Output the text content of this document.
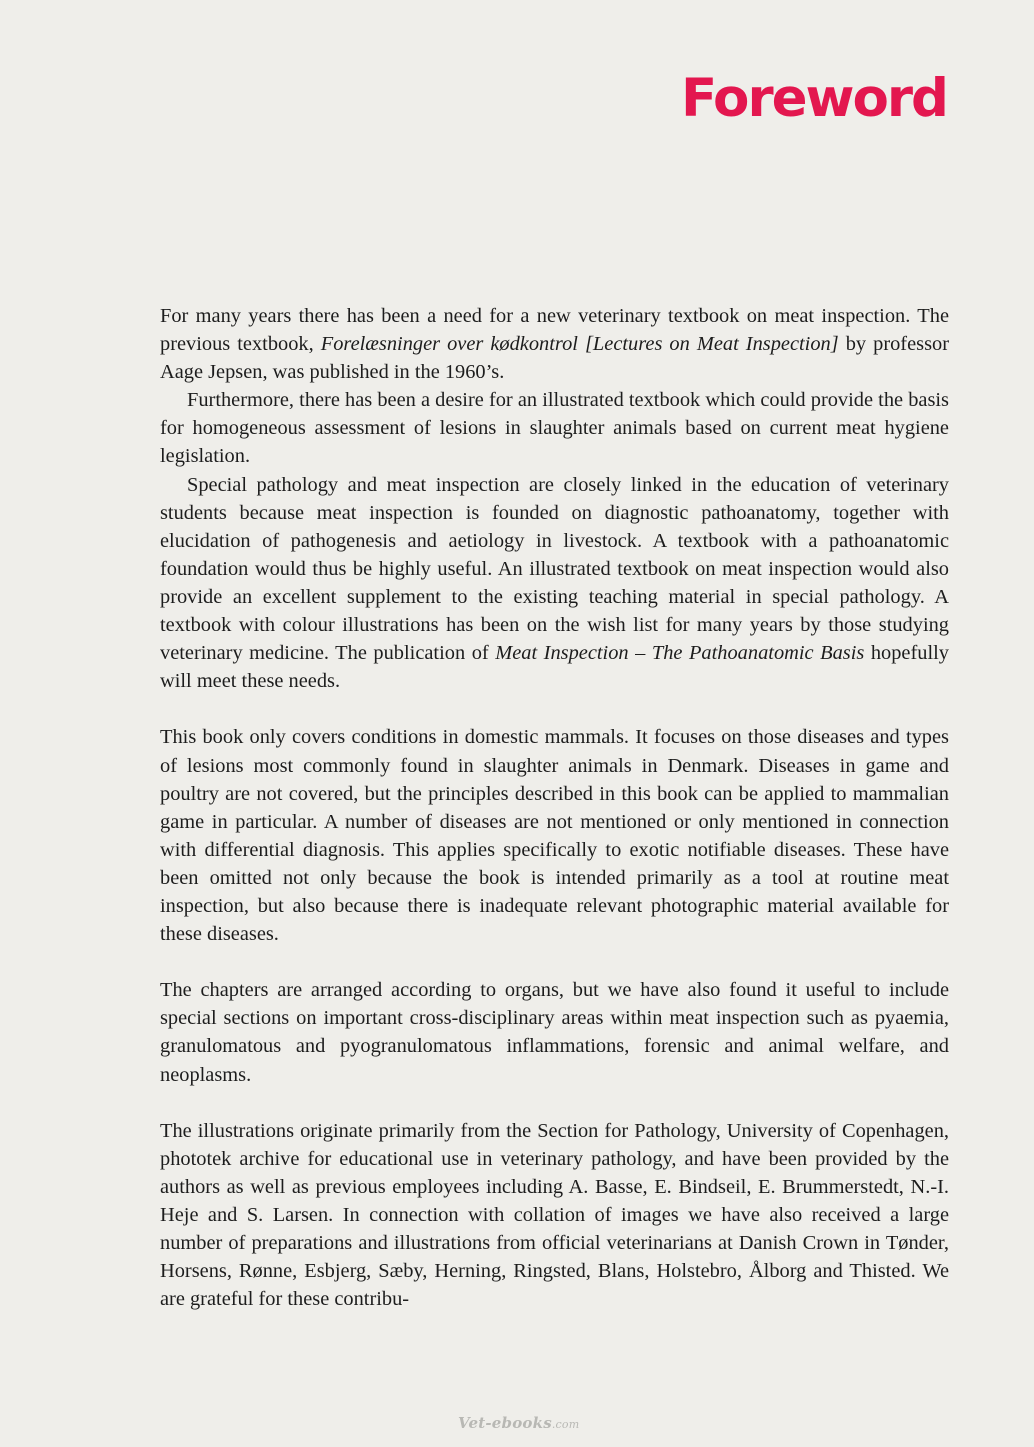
Foreword

For many years there has been a need for a new veterinary textbook on meat inspection. The previous textbook, Forelæsninger over kødkontrol [Lectures on Meat Inspection] by professor Aage Jepsen, was published in the 1960’s.

Furthermore, there has been a desire for an illustrated textbook which could provide the basis for homogeneous assessment of lesions in slaughter animals based on current meat hygiene legislation.

Special pathology and meat inspection are closely linked in the education of veterinary students because meat inspection is founded on diagnostic pathoanatomy, together with elucidation of pathogenesis and aetiology in livestock. A textbook with a pathoanatomic foundation would thus be highly useful. An illustrated textbook on meat inspection would also provide an excellent supplement to the existing teaching material in special pathology. A textbook with colour illustrations has been on the wish list for many years by those studying veterinary medicine. The publication of Meat Inspection – The Pathoanatomic Basis hopefully will meet these needs.

This book only covers conditions in domestic mammals. It focuses on those diseases and types of lesions most commonly found in slaughter animals in Denmark. Diseases in game and poultry are not covered, but the principles described in this book can be applied to mammalian game in particular. A number of diseases are not mentioned or only mentioned in connection with differential diagnosis. This applies specifically to exotic notifiable diseases. These have been omitted not only because the book is intended primarily as a tool at routine meat inspection, but also because there is inadequate relevant photographic material available for these diseases.

The chapters are arranged according to organs, but we have also found it useful to include special sections on important cross-disciplinary areas within meat inspection such as pyaemia, granulomatous and pyogranulomatous inflammations, forensic and animal welfare, and neoplasms.

The illustrations originate primarily from the Section for Pathology, University of Copenhagen, phototek archive for educational use in veterinary pathology, and have been provided by the authors as well as previous employees including A. Basse, E. Bindseil, E. Brummerstedt, N.-I. Heje and S. Larsen. In connection with collation of images we have also received a large number of preparations and illustrations from official veterinarians at Danish Crown in Tønder, Horsens, Rønne, Esbjerg, Sæby, Herning, Ringsted, Blans, Holstebro, Ålborg and Thisted. We are grateful for these contribu-

Vet-ebooks.com
